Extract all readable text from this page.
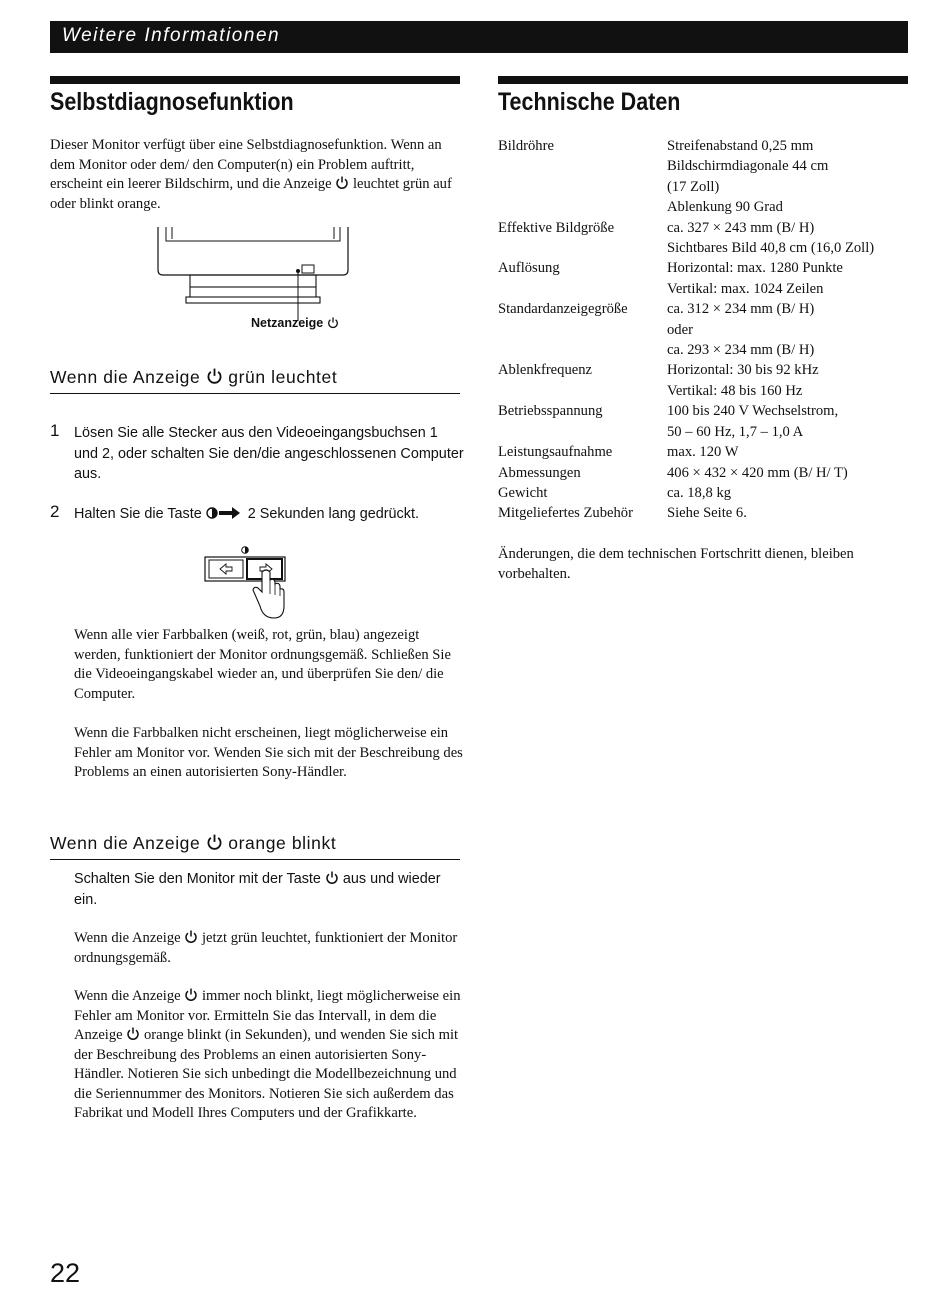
Weitere Informationen
Selbstdiagnosefunktion

Dieser Monitor verfügt über eine Selbstdiagnosefunktion. Wenn an dem Monitor oder dem/ den Computer(n) ein Problem auftritt, erscheint ein leerer Bildschirm, und die Anzeige leuchtet grün auf oder blinkt orange.

Netzanzeige
Wenn die Anzeige grün leuchtet
1 Lösen Sie alle Stecker aus den Videoeingangsbuchsen 1 und 2, oder schalten Sie den/die angeschlossenen Computer aus.
2 Halten Sie die Taste	2 Sekunden lang gedrückt.
Wenn alle vier Farbbalken (weiß, rot, grün, blau) angezeigt werden, funktioniert der Monitor ordnungsgemäß. Schließen Sie die Videoeingangskabel wieder an, und überprüfen Sie den/ die Computer.
Wenn die Farbbalken nicht erscheinen, liegt möglicherweise ein Fehler am Monitor vor. Wenden Sie sich mit der Beschreibung des Problems an einen autorisierten Sony-Händler.
Wenn die Anzeige orange blinkt
Schalten Sie den Monitor mit der Taste aus und wieder ein.
Wenn die Anzeige jetzt grün leuchtet, funktioniert der Monitor ordnungsgemäß.
Wenn die Anzeige immer noch blinkt, liegt möglicherweise ein Fehler am Monitor vor. Ermitteln Sie das Intervall, in dem die Anzeige orange blinkt (in Sekunden), und wenden Sie sich mit der Beschreibung des Problems an einen autorisierten Sony-Händler. Notieren Sie sich unbedingt die Modellbezeichnung und die Seriennummer des Monitors. Notieren Sie sich außerdem das Fabrikat und Modell Ihres Computers und der Grafikkarte.
Technische Daten
Bildröhre	Streifenabstand 0,25 mm
	Bildschirmdiagonale 44 cm
	(17 Zoll)
	Ablenkung 90 Grad
Effektive Bildgröße	ca. 327 × 243 mm (B/ H)
	Sichtbares Bild 40,8 cm (16,0 Zoll)
Auflösung	Horizontal: max. 1280 Punkte
	Vertikal: max. 1024 Zeilen
Standardanzeigegröße	ca. 312 × 234 mm (B/ H)
	oder
	ca. 293 × 234 mm (B/ H)
Ablenkfrequenz	Horizontal: 30 bis 92 kHz
	Vertikal: 48 bis 160 Hz
Betriebsspannung	100 bis 240 V Wechselstrom,
	50 – 60 Hz, 1,7 – 1,0 A
Leistungsaufnahme	max. 120 W
Abmessungen	406 × 432 × 420 mm (B/ H/ T)
Gewicht	ca. 18,8 kg
Mitgeliefertes Zubehör	Siehe Seite 6.
Änderungen, die dem technischen Fortschritt dienen, bleiben vorbehalten.
22
